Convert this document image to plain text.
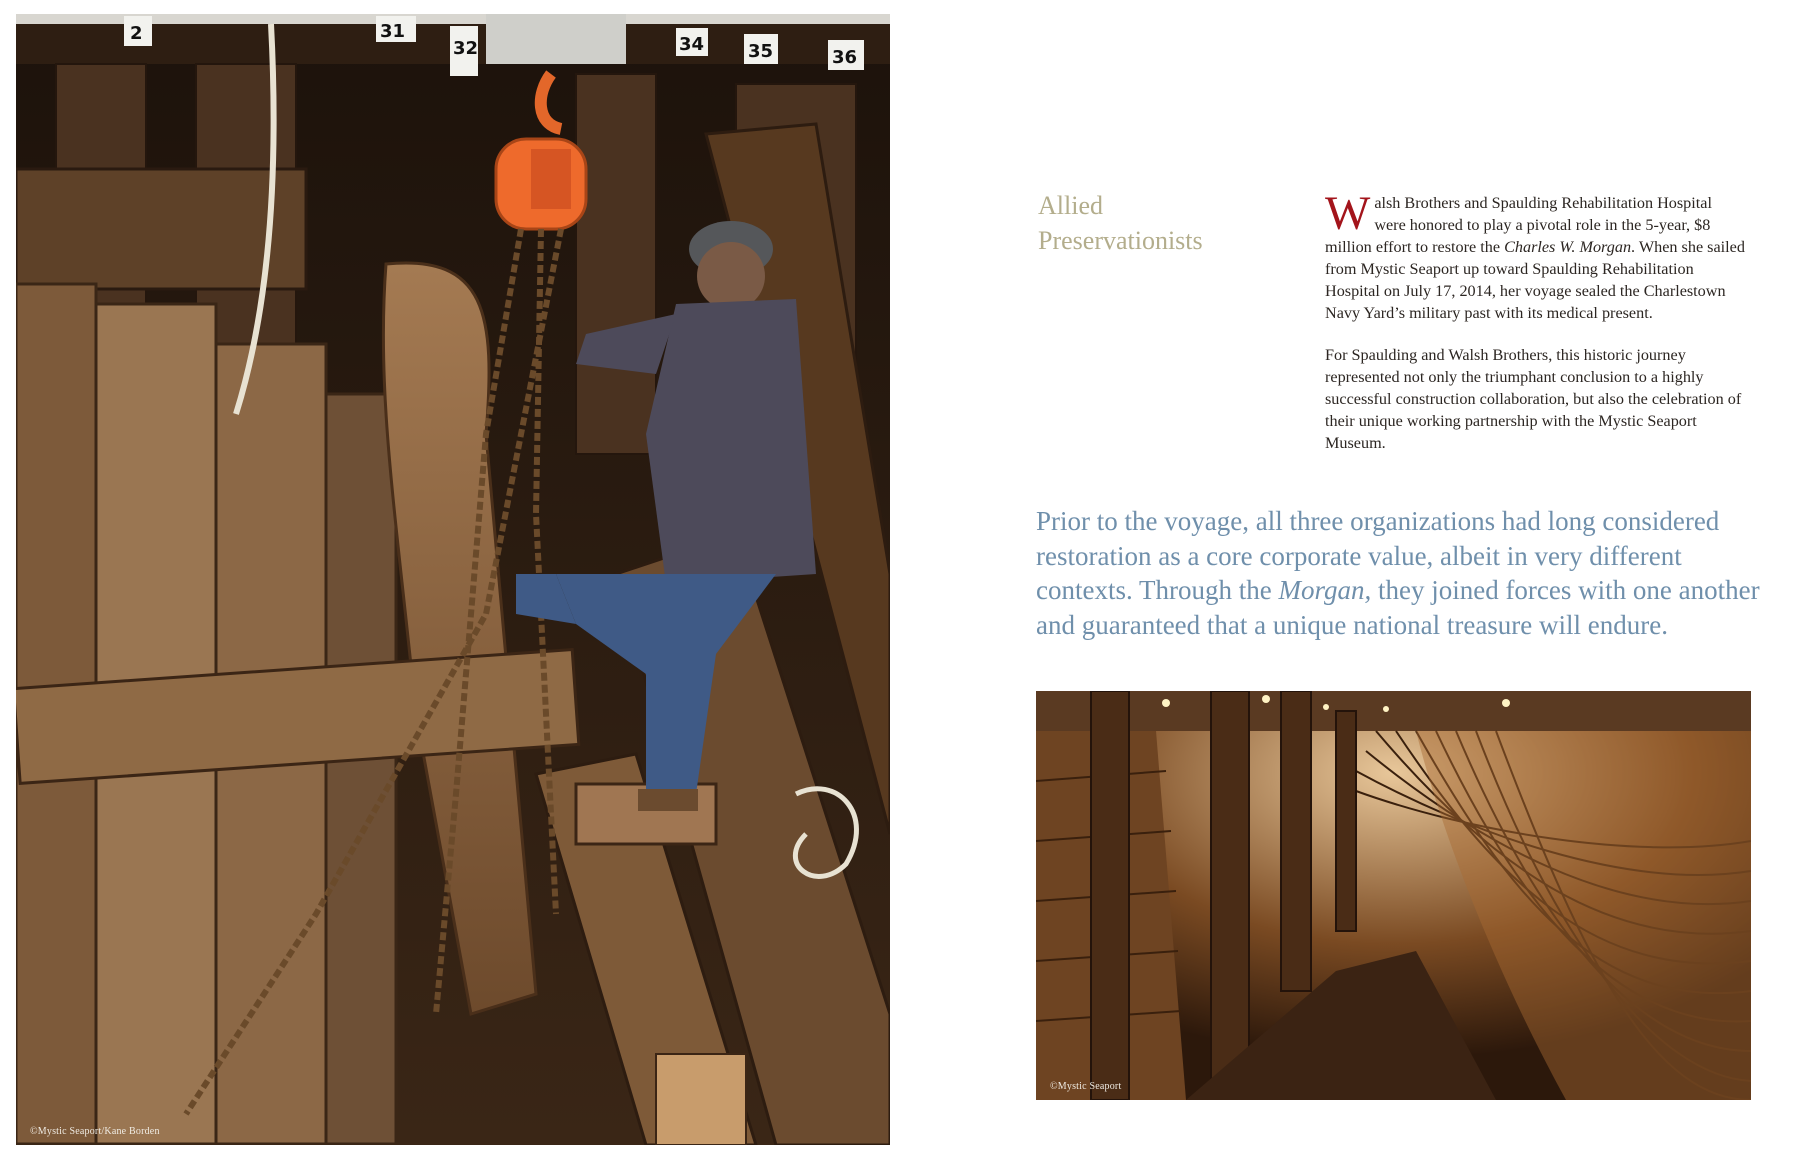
2	31
32	34 35	36
©Mystic Seaport/Kane Borden
Allied
Preservationists

Walsh Brothers and Spaulding Rehabilitation Hospital were honored to play a pivotal role in the 5-year, $8 million effort to restore the Charles W. Morgan. When she sailed from Mystic Seaport up toward Spaulding Rehabilitation Hospital on July 17, 2014, her voyage sealed the Charlestown Navy Yard’s military past with its medical present.

For Spaulding and Walsh Brothers, this historic journey represented not only the triumphant conclusion to a highly successful construction collaboration, but also the celebration of their unique working partnership with the Mystic Seaport Museum.

Prior to the voyage, all three organizations had long considered restoration as a core corporate value, albeit in very different contexts. Through the Morgan, they joined forces with one another and guaranteed that a unique national treasure will endure.
©Mystic Seaport
